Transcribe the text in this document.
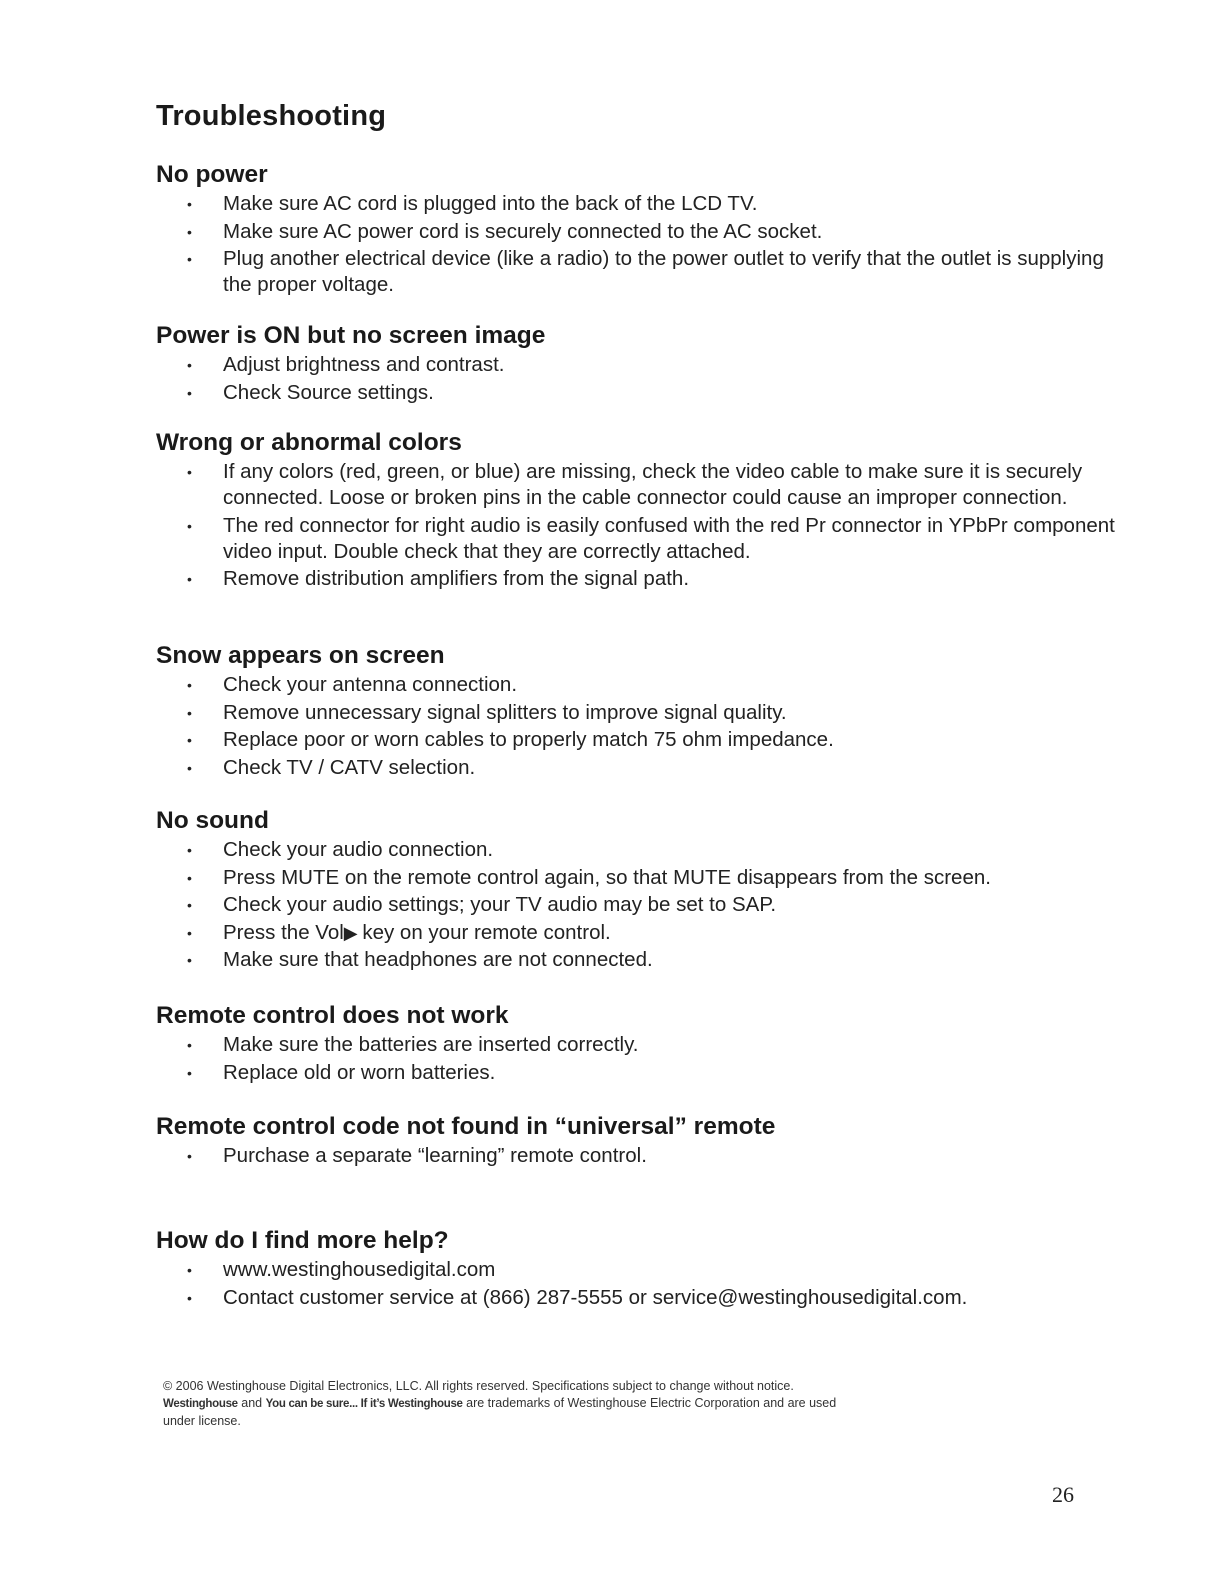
Troubleshooting
No power
• Make sure AC cord is plugged into the back of the LCD TV.
• Make sure AC power cord is securely connected to the AC socket.
• Plug another electrical device (like a radio) to the power outlet to verify that the outlet is supplying the proper voltage.
Power is ON but no screen image
• Adjust brightness and contrast.
• Check Source settings.
Wrong or abnormal colors
• If any colors (red, green, or blue) are missing, check the video cable to make sure it is securely connected. Loose or broken pins in the cable connector could cause an improper connection.
• The red connector for right audio is easily confused with the red Pr connector in YPbPr component video input. Double check that they are correctly attached.
• Remove distribution amplifiers from the signal path.
Snow appears on screen
• Check your antenna connection.
• Remove unnecessary signal splitters to improve signal quality.
• Replace poor or worn cables to properly match 75 ohm impedance.
• Check TV / CATV selection.
No sound
• Check your audio connection.
• Press MUTE on the remote control again, so that MUTE disappears from the screen.
• Check your audio settings; your TV audio may be set to SAP.
• Press the Vol▶ key on your remote control.
• Make sure that headphones are not connected.
Remote control does not work
• Make sure the batteries are inserted correctly.
• Replace old or worn batteries.
Remote control code not found in “universal” remote
• Purchase a separate “learning” remote control.
How do I find more help?
• www.westinghousedigital.com
• Contact customer service at (866) 287-5555 or service@westinghousedigital.com.
© 2006 Westinghouse Digital Electronics, LLC. All rights reserved. Specifications subject to change without notice.
Westinghouse and You can be sure... If it’s Westinghouse are trademarks of Westinghouse Electric Corporation and are used
under license.
26
